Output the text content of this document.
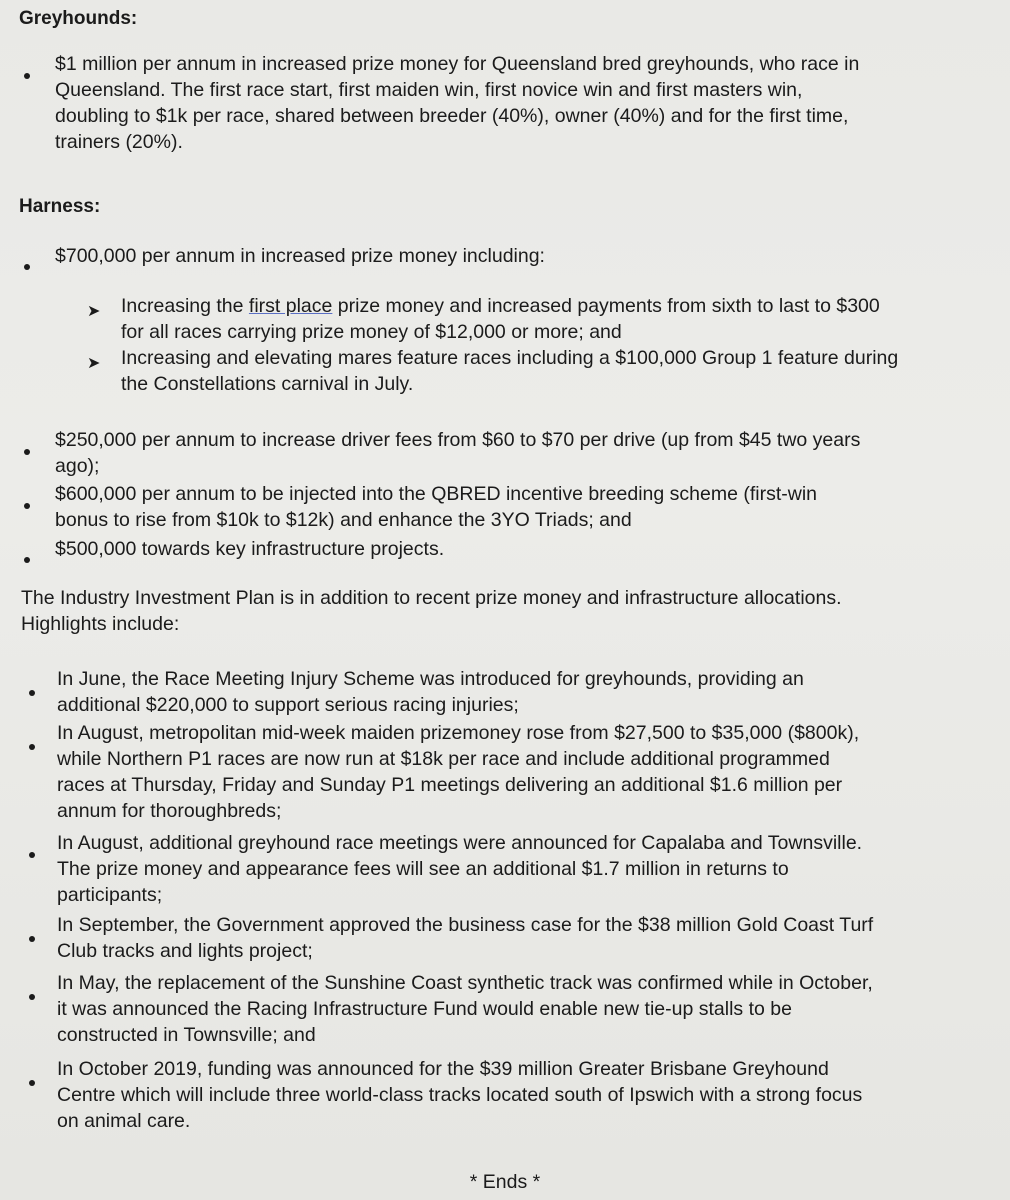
Greyhounds:
$1 million per annum in increased prize money for Queensland bred greyhounds, who race in
Queensland. The first race start, first maiden win, first novice win and first masters win,
doubling to $1k per race, shared between breeder (40%), owner (40%) and for the first time,
trainers (20%).
Harness:
$700,000 per annum in increased prize money including:
➤ Increasing the first place prize money and increased payments from sixth to last to $300
for all races carrying prize money of $12,000 or more; and
➤ Increasing and elevating mares feature races including a $100,000 Group 1 feature during
the Constellations carnival in July.
$250,000 per annum to increase driver fees from $60 to $70 per drive (up from $45 two years
ago);
$600,000 per annum to be injected into the QBRED incentive breeding scheme (first-win
bonus to rise from $10k to $12k) and enhance the 3YO Triads; and
$500,000 towards key infrastructure projects.
The Industry Investment Plan is in addition to recent prize money and infrastructure allocations.
Highlights include:
In June, the Race Meeting Injury Scheme was introduced for greyhounds, providing an
additional $220,000 to support serious racing injuries;
In August, metropolitan mid-week maiden prizemoney rose from $27,500 to $35,000 ($800k),
while Northern P1 races are now run at $18k per race and include additional programmed
races at Thursday, Friday and Sunday P1 meetings delivering an additional $1.6 million per
annum for thoroughbreds;
In August, additional greyhound race meetings were announced for Capalaba and Townsville.
The prize money and appearance fees will see an additional $1.7 million in returns to
participants;
In September, the Government approved the business case for the $38 million Gold Coast Turf
Club tracks and lights project;
In May, the replacement of the Sunshine Coast synthetic track was confirmed while in October,
it was announced the Racing Infrastructure Fund would enable new tie-up stalls to be
constructed in Townsville; and
In October 2019, funding was announced for the $39 million Greater Brisbane Greyhound
Centre which will include three world-class tracks located south of Ipswich with a strong focus
on animal care.
* Ends *
